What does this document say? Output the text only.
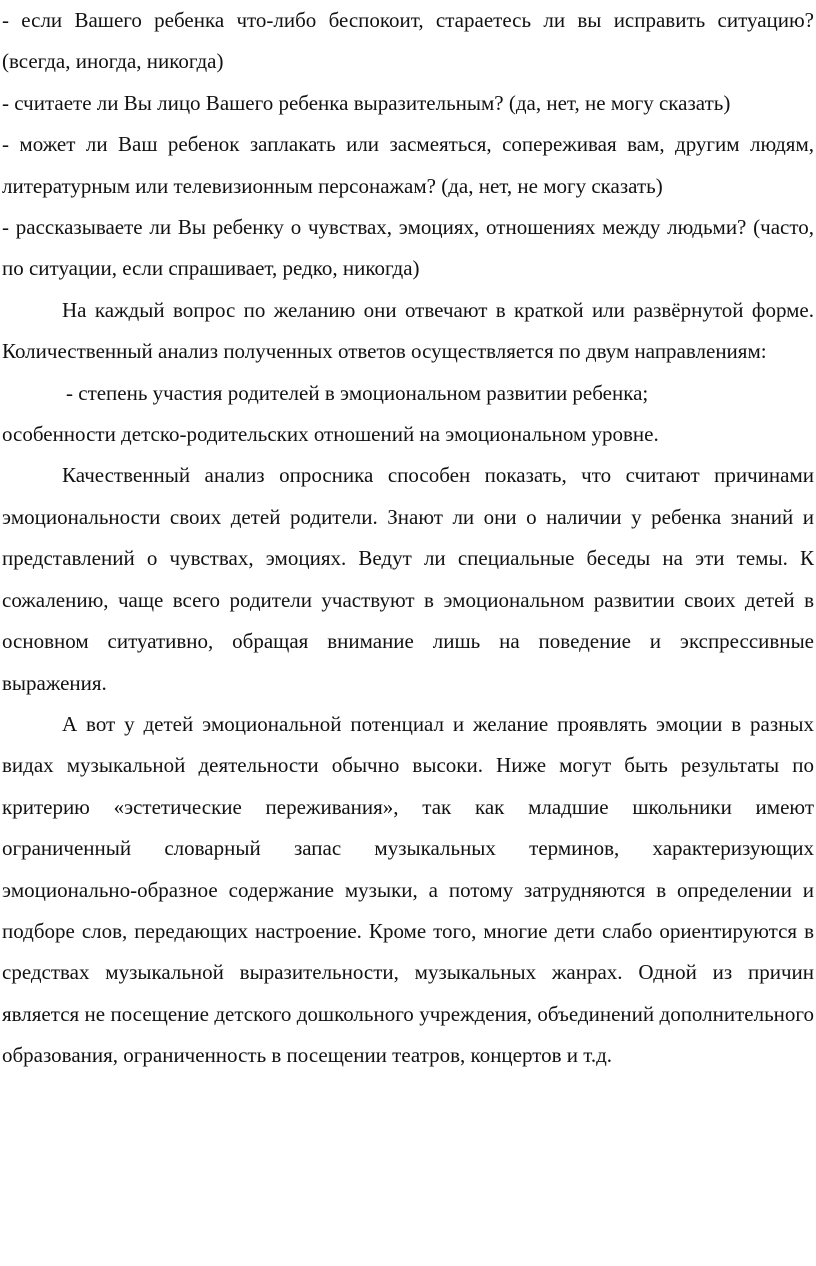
- если Вашего ребенка что-либо беспокоит, стараетесь ли вы исправить ситуацию? (всегда, иногда, никогда)

- считаете ли Вы лицо Вашего ребенка выразительным? (да, нет, не могу сказать)

- может ли Ваш ребенок заплакать или засмеяться, сопереживая вам, другим людям, литературным или телевизионным персонажам? (да, нет, не могу сказать)

- рассказываете ли Вы ребенку о чувствах, эмоциях, отношениях между людьми? (часто, по ситуации, если спрашивает, редко, никогда)

На каждый вопрос по желанию они отвечают в краткой или развёрнутой форме. Количественный анализ полученных ответов осуществляется по двум направлениям:

- степень участия родителей в эмоциональном развитии ребенка;

особенности детско-родительских отношений на эмоциональном уровне.

Качественный анализ опросника способен показать, что считают причинами эмоциональности своих детей родители. Знают ли они о наличии у ребенка знаний и представлений о чувствах, эмоциях. Ведут ли специальные беседы на эти темы. К сожалению, чаще всего родители участвуют в эмоциональном развитии своих детей в основном ситуативно, обращая внимание лишь на поведение и экспрессивные выражения.

А вот у детей эмоциональной потенциал и желание проявлять эмоции в разных видах музыкальной деятельности обычно высоки. Ниже могут быть результаты по критерию «эстетические переживания», так как младшие школьники имеют ограниченный словарный запас музыкальных терминов, характеризующих эмоционально-образное содержание музыки, а потому затрудняются в определении и подборе слов, передающих настроение. Кроме того, многие дети слабо ориентируются в средствах музыкальной выразительности, музыкальных жанрах. Одной из причин является не посещение детского дошкольного учреждения, объединений дополнительного образования, ограниченность в посещении театров, концертов и т.д.
